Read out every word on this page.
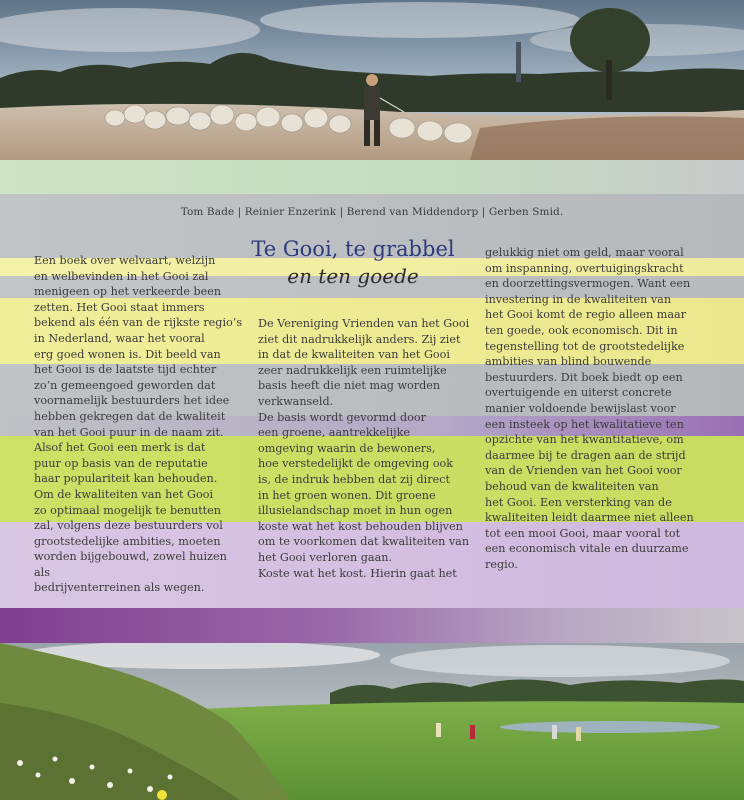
Tom Bade | Reinier Enzerink | Berend van Middendorp | Gerben Smid.
Te Gooi, te grabbel
en ten goede

Een boek over welvaart, welzijn

en welbevinden in het Gooi zal

menigeen op het verkeerde been

zetten. Het Gooi staat immers

bekend als één van de rijkste regio’s

in Nederland, waar het vooral

erg goed wonen is. Dit beeld van

het Gooi is de laatste tijd echter

zo’n gemeengoed geworden dat

voornamelijk bestuurders het idee

hebben gekregen dat de kwaliteit

van het Gooi puur in de naam zit.

Alsof het Gooi een merk is dat

puur op basis van de reputatie

haar populariteit kan behouden.

Om de kwaliteiten van het Gooi

zo optimaal mogelijk te benutten

zal, volgens deze bestuurders vol

grootstedelijke ambities, moeten

worden bijgebouwd, zowel huizen als

bedrijventerreinen als wegen.

De Vereniging Vrienden van het Gooi

ziet dit nadrukkelijk anders. Zij ziet

in dat de kwaliteiten van het Gooi

zeer nadrukkelijk een ruimtelijke

basis heeft die niet mag worden

verkwanseld.

De basis wordt gevormd door

een groene, aantrekkelijke

omgeving waarin de bewoners,

hoe verstedelijkt de omgeving ook

is, de indruk hebben dat zij direct

in het groen wonen. Dit groene

illusielandschap moet in hun ogen

koste wat het kost behouden blijven

om te voorkomen dat kwaliteiten van

het Gooi verloren gaan.

Koste wat het kost. Hierin gaat het

gelukkig niet om geld, maar vooral

om inspanning, overtuigingskracht

en doorzettingsvermogen. Want een

investering in de kwaliteiten van

het Gooi komt de regio alleen maar

ten goede, ook economisch. Dit in

tegenstelling tot de grootstedelijke

ambities van blind bouwende

bestuurders. Dit boek biedt op een

overtuigende en uiterst concrete

manier voldoende bewijslast voor

een insteek op het kwalitatieve ten

opzichte van het kwantitatieve, om

daarmee bij te dragen aan de strijd

van de Vrienden van het Gooi voor

behoud van de kwaliteiten van

het Gooi. Een versterking van de

kwaliteiten leidt daarmee niet alleen

tot een mooi Gooi, maar vooral tot

een economisch vitale en duurzame

regio.
